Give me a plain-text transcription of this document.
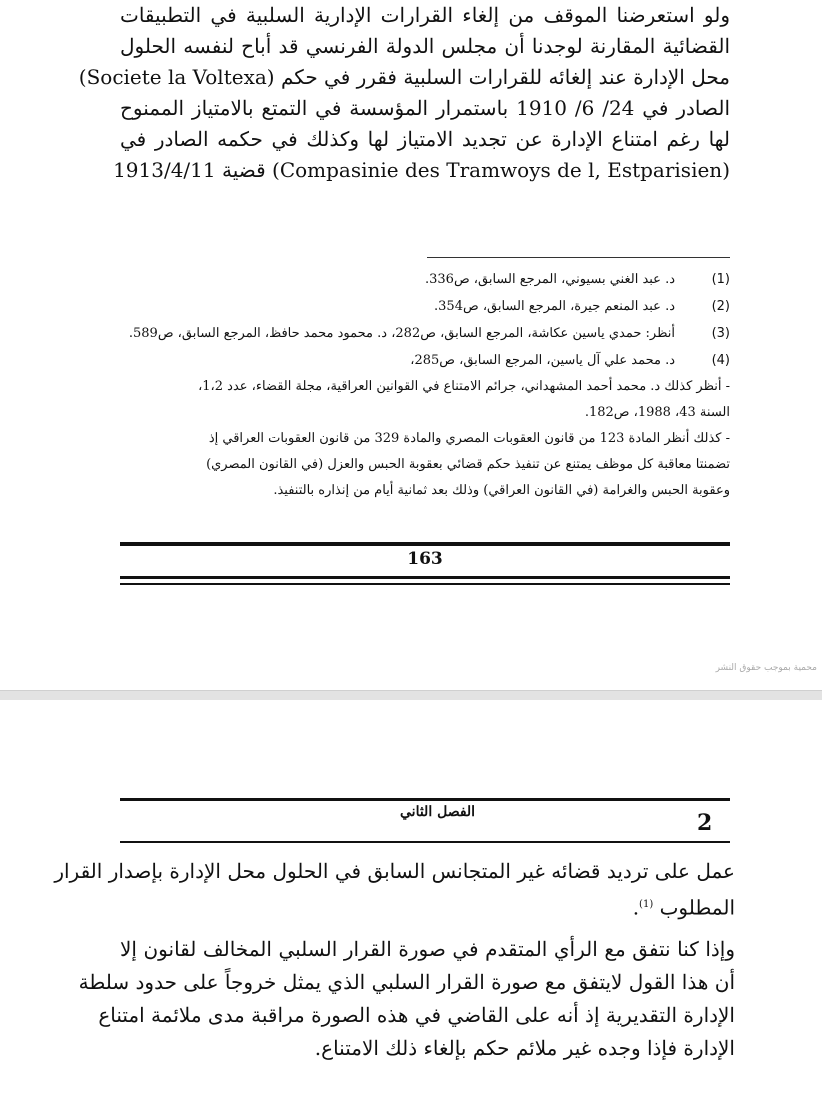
ولو استعرضنا الموقف من إلغاء القرارات الإدارية السلبية في التطبيقات
القضائية المقارنة لوجدنا أن مجلس الدولة الفرنسي قد أباح لنفسه الحلول
محل الإدارة عند إلغائه للقرارات السلبية فقرر في حكم (Societe la Voltexa)
الصادر في 24/ 6/ 1910 باستمرار المؤسسة في التمتع بالامتياز الممنوح
لها رغم امتناع الإدارة عن تجديد الامتياز لها وكذلك في حكمه الصادر في
(Compasinie des Tramwoys de l, Estparisien) قضية 1913/4/11
(1)
د. عبد الغني بسيوني، المرجع السابق، ص336.
(2)
د. عبد المنعم جيرة، المرجع السابق، ص354.
(3)
أنظر: حمدي ياسين عكاشة، المرجع السابق، ص282، د. محمود محمد حافظ، المرجع السابق، ص589.
(4)
د. محمد علي آل ياسين، المرجع السابق، ص285،
- أنظر كذلك د. محمد أحمد المشهداني، جرائم الامتناع في القوانين العراقية، مجلة القضاء، عدد 1،2،
السنة 43، 1988، ص182.
- كذلك أنظر المادة 123 من قانون العقوبات المصري والمادة 329 من قانون العقوبات العراقي إذ
تضمنتا معاقبة كل موظف يمتنع عن تنفيذ حكم قضائي بعقوبة الحبس والعزل (في القانون المصري)
وعقوبة الحبس والغرامة (في القانون العراقي) وذلك بعد ثمانية أيام من إنذاره بالتنفيذ.
163
محمية بموجب حقوق النشر
الفصل الثاني	2
عمل على ترديد قضائه غير المتجانس السابق في الحلول محل الإدارة بإصدار القرار
المطلوب $^{(1)}$.
وإذا كنا نتفق مع الرأي المتقدم في صورة القرار السلبي المخالف لقانون إلا
أن هذا القول لايتفق مع صورة القرار السلبي الذي يمثل خروجاً على حدود سلطة
الإدارة التقديرية إذ أنه على القاضي في هذه الصورة مراقبة مدى ملائمة امتناع
الإدارة فإذا وجده غير ملائم حكم بإلغاء ذلك الامتناع.
